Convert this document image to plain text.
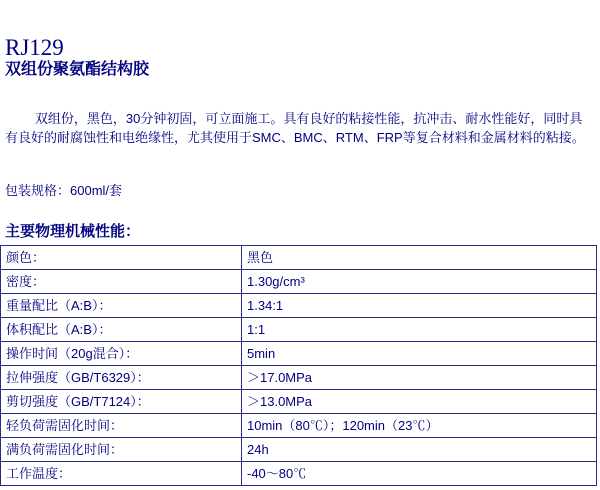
RJ129
双组份聚氨酯结构胶

双组份，黑色，30分钟初固，可立面施工。具有良好的粘接性能，抗冲击、耐水性能好，同时具有良好的耐腐蚀性和电绝缘性，尤其使用于SMC、BMC、RTM、FRP等复合材料和金属材料的粘接。

包装规格：600ml/套

主要物理机械性能：
颜色：	黑色
密度：	1.30g/cm³
重量配比（A:B）：	1.34:1
体积配比（A:B）：	1:1
操作时间（20g混合）：	5min
拉伸强度（GB/T6329）：	＞17.0MPa
剪切强度（GB/T7124）：	＞13.0MPa
轻负荷需固化时间：	10min（80℃）；120min（23℃）
满负荷需固化时间：	24h
工作温度：	-40～80℃
